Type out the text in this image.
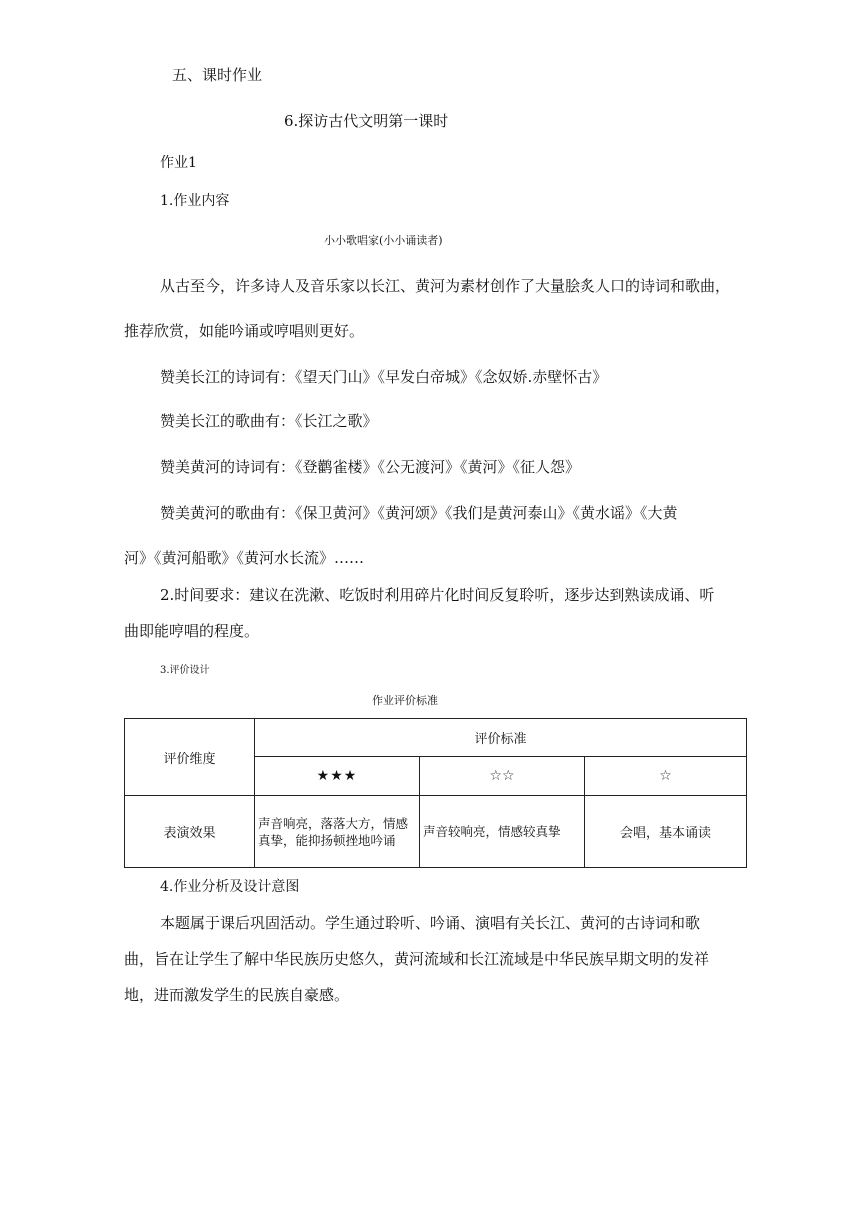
五、课时作业
6.探访古代文明第一课时
作业1
1.作业内容
小小歌唱家(小小诵读者)
从古至今，许多诗人及音乐家以长江、黄河为素材创作了大量脍炙人口的诗词和歌曲，
推荐欣赏，如能吟诵或哼唱则更好。
赞美长江的诗词有：《望天门山》《早发白帝城》《念奴娇.赤壁怀古》
赞美长江的歌曲有：《长江之歌》
赞美黄河的诗词有：《登鹳雀楼》《公无渡河》《黄河》《征人怨》
赞美黄河的歌曲有：《保卫黄河》《黄河颂》《我们是黄河泰山》《黄水谣》《大黄
河》《黄河船歌》《黄河水长流》……
2.时间要求：建议在洗漱、吃饭时利用碎片化时间反复聆听，逐步达到熟读成诵、听
曲即能哼唱的程度。
3.评价设计
作业评价标准
评价维度	评价标准		
	★★★	☆☆	☆
表演效果	声音响亮，落落大方，情感真挚，能抑扬顿挫地吟诵	声音较响亮，情感较真挚	会唱，基本诵读
4.作业分析及设计意图
本题属于课后巩固活动。学生通过聆听、吟诵、演唱有关长江、黄河的古诗词和歌
曲，旨在让学生了解中华民族历史悠久，黄河流域和长江流域是中华民族早期文明的发祥
地，进而激发学生的民族自豪感。
